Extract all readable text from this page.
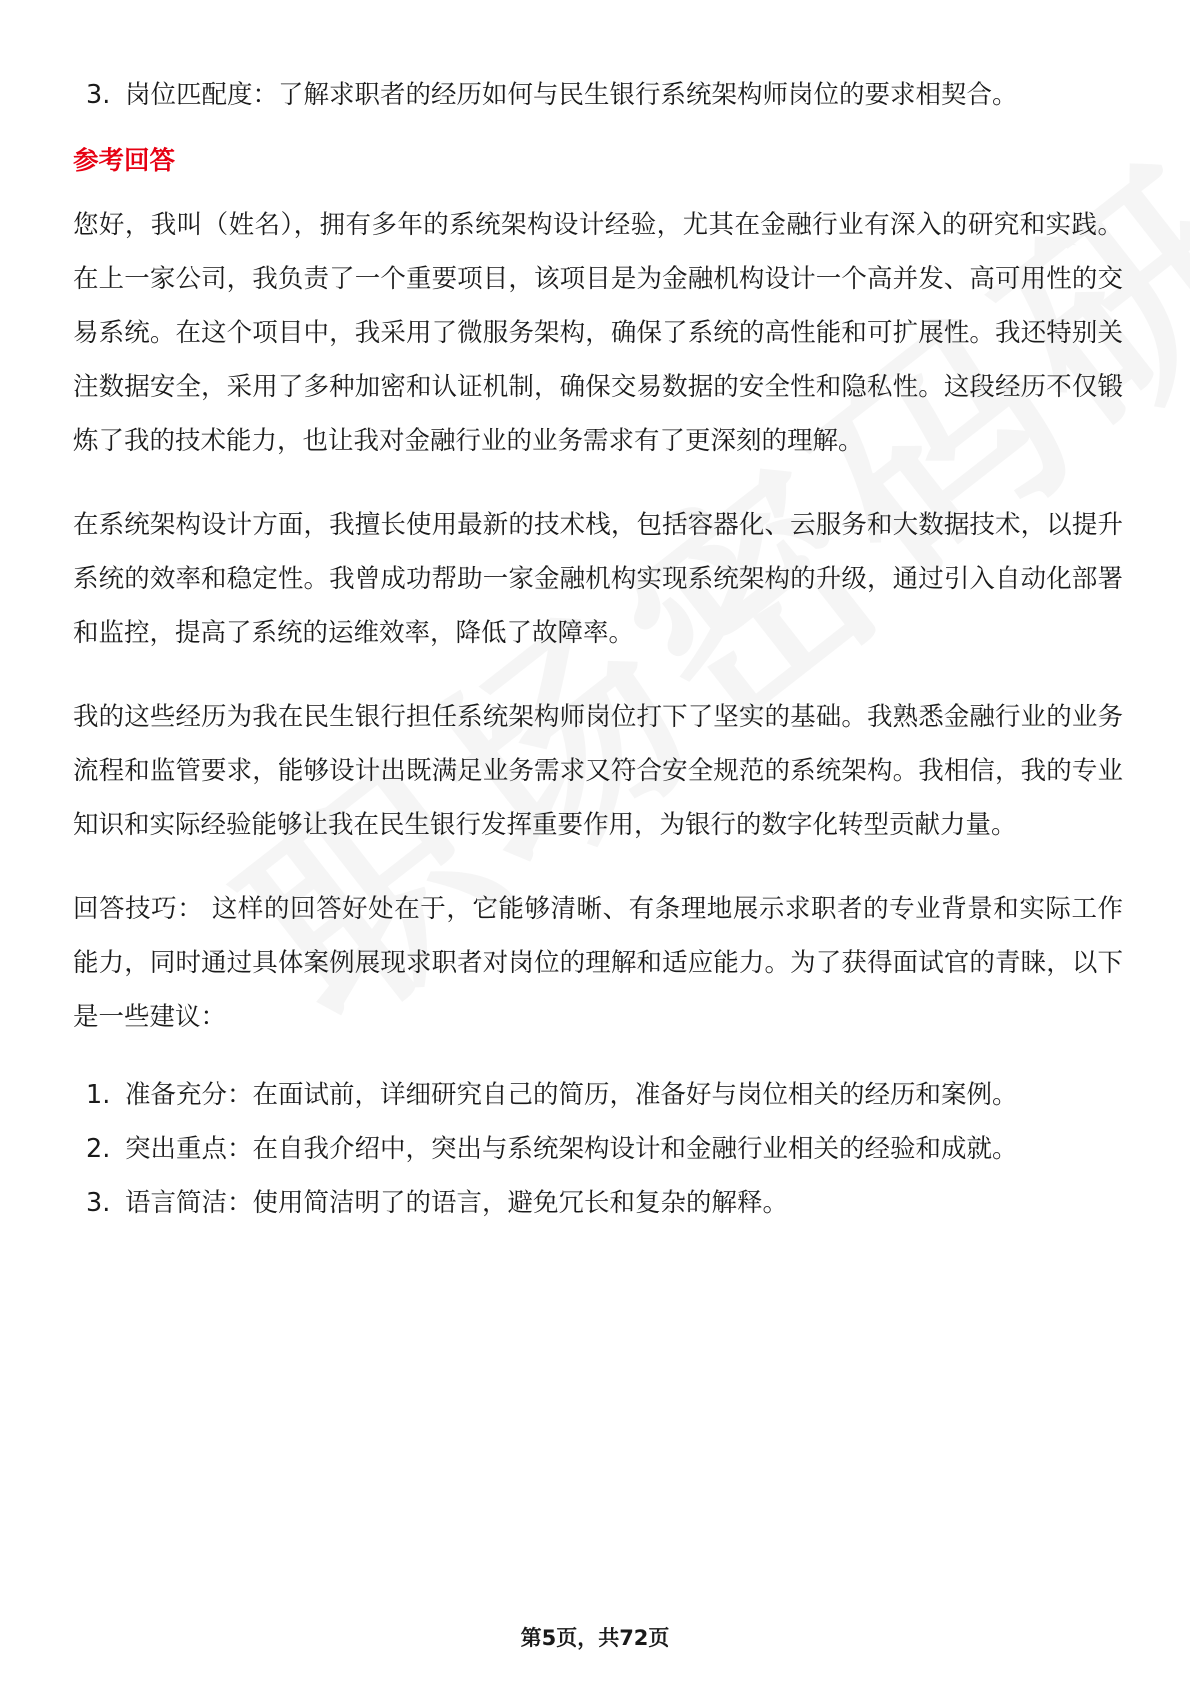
3. 岗位匹配度：了解求职者的经历如何与民生银行系统架构师岗位的要求相契合。
参考回答

您好，我叫（姓名），拥有多年的系统架构设计经验，尤其在金融行业有深入的研究和实践。在上一家公司，我负责了一个重要项目，该项目是为金融机构设计一个高并发、高可用性的交易系统。在这个项目中，我采用了微服务架构，确保了系统的高性能和可扩展性。我还特别关注数据安全，采用了多种加密和认证机制，确保交易数据的安全性和隐私性。这段经历不仅锻炼了我的技术能力，也让我对金融行业的业务需求有了更深刻的理解。

在系统架构设计方面，我擅长使用最新的技术栈，包括容器化、云服务和大数据技术，以提升系统的效率和稳定性。我曾成功帮助一家金融机构实现系统架构的升级，通过引入自动化部署和监控，提高了系统的运维效率，降低了故障率。

我的这些经历为我在民生银行担任系统架构师岗位打下了坚实的基础。我熟悉金融行业的业务流程和监管要求，能够设计出既满足业务需求又符合安全规范的系统架构。我相信，我的专业知识和实际经验能够让我在民生银行发挥重要作用，为银行的数字化转型贡献力量。

回答技巧： 这样的回答好处在于，它能够清晰、有条理地展示求职者的专业背景和实际工作能力，同时通过具体案例展现求职者对岗位的理解和适应能力。为了获得面试官的青睐，以下是一些建议：

1. 准备充分：在面试前，详细研究自己的简历，准备好与岗位相关的经历和案例。
2. 突出重点：在自我介绍中，突出与系统架构设计和金融行业相关的经验和成就。
3. 语言简洁：使用简洁明了的语言，避免冗长和复杂的解释。
第5页，共72页
